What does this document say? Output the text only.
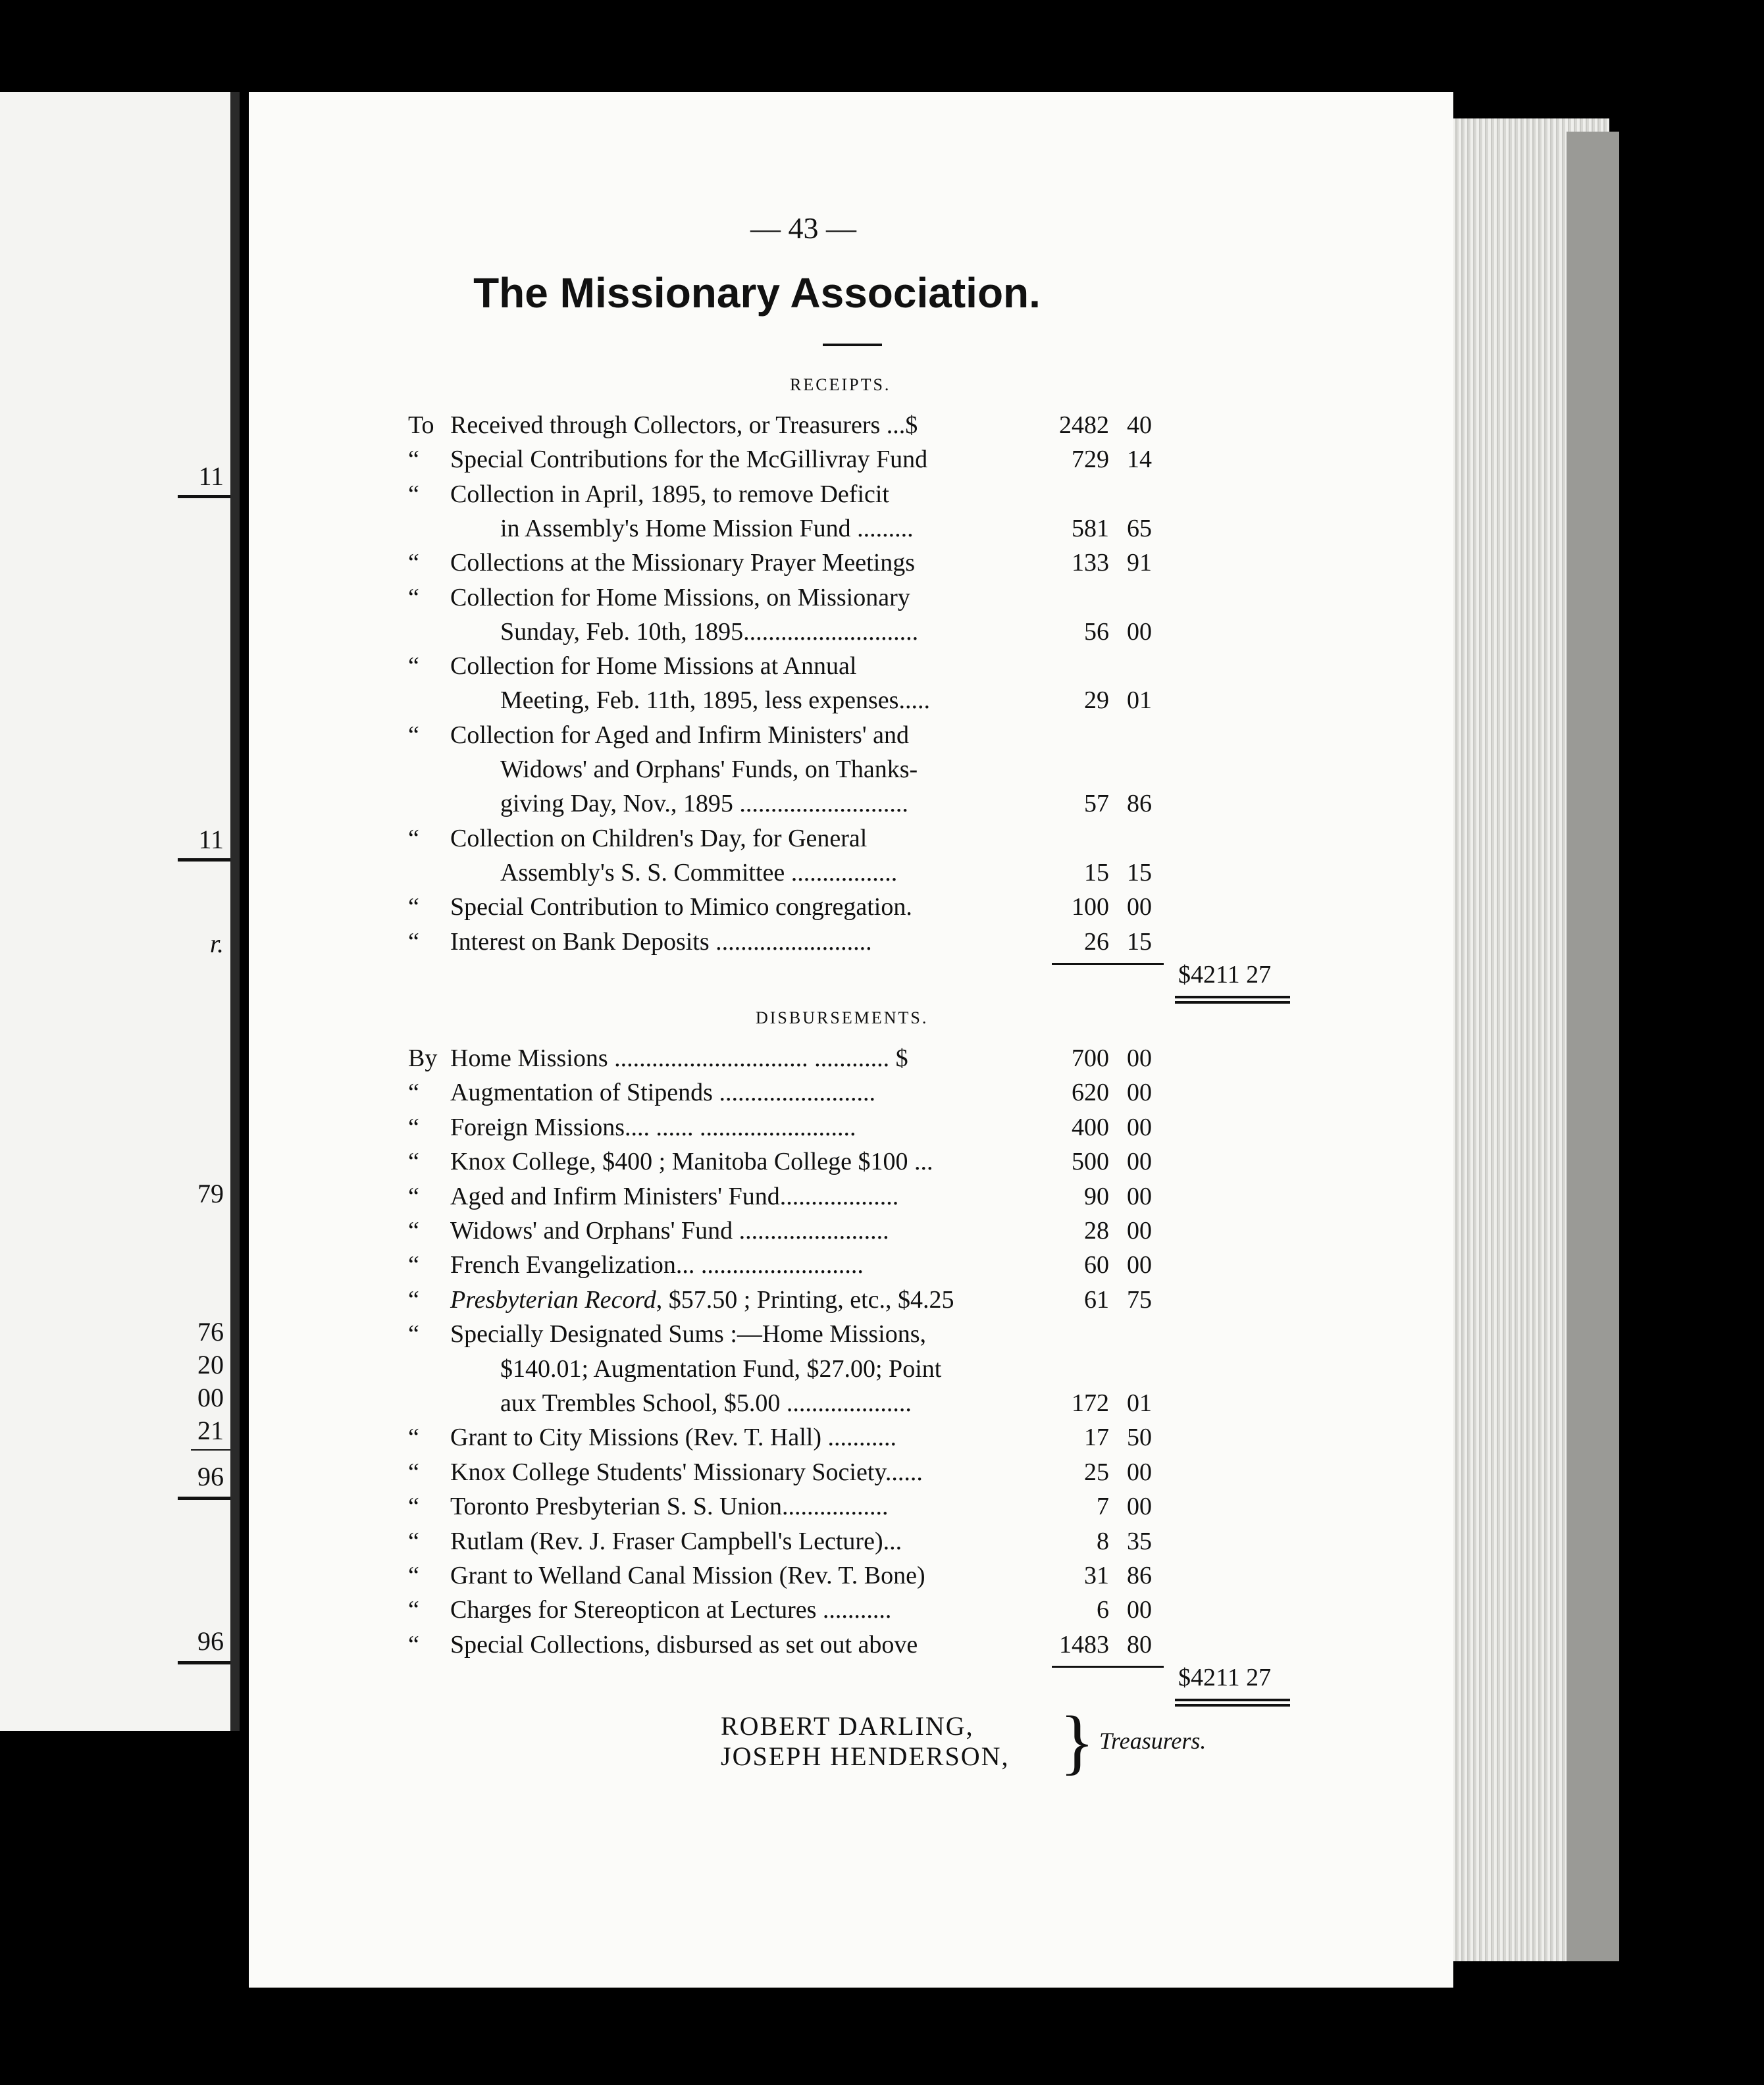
11
11
r.
79
76
20
00
21
96
96
— 43 —
The Missionary Association.
RECEIPTS.
To Received through Collectors, or Treasurers ...$	2482 40
“ Special Contributions for the McGillivray Fund	729 14
“ Collection in April, 1895, to remove Deficit
in Assembly's Home Mission Fund .........	581 65
“ Collections at the Missionary Prayer Meetings	133 91
“ Collection for Home Missions, on Missionary
Sunday, Feb. 10th, 1895............................	56 00
“ Collection for Home Missions at Annual
Meeting, Feb. 11th, 1895, less expenses.....	29 01
“ Collection for Aged and Infirm Ministers' and
Widows' and Orphans' Funds, on Thanks-
giving Day, Nov., 1895 ...........................	57 86
“ Collection on Children's Day, for General
Assembly's S. S. Committee .................	15 15
“ Special Contribution to Mimico congregation.	100 00
“ Interest on Bank Deposits .........................	26 15
DISBURSEMENTS.
By Home Missions ............................... ............ $	700 00
“ Augmentation of Stipends .........................	620 00
“ Foreign Missions.... ...... .........................	400 00
“ Knox College, $400 ; Manitoba College $100 ...	500 00
“ Aged and Infirm Ministers' Fund...................	90 00
“ Widows' and Orphans' Fund ........................	28 00
“ French Evangelization... ..........................	60 00
“ Presbyterian Record, $57.50 ; Printing, etc., $4.25	61 75
“ Specially Designated Sums :—Home Missions,
$140.01; Augmentation Fund, $27.00; Point
aux Trembles School, $5.00 ....................	172 01
“ Grant to City Missions (Rev. T. Hall) ...........	17 50
“ Knox College Students' Missionary Society......	25 00
“ Toronto Presbyterian S. S. Union.................	7 00
“ Rutlam (Rev. J. Fraser Campbell's Lecture)...	8 35
“ Grant to Welland Canal Mission (Rev. T. Bone)	31 86
“ Charges for Stereopticon at Lectures ...........	6 00
“ Special Collections, disbursed as set out above	1483 80
ROBERT DARLING,
JOSEPH HENDERSON, } Treasurers.
$4211 27
$4211 27
